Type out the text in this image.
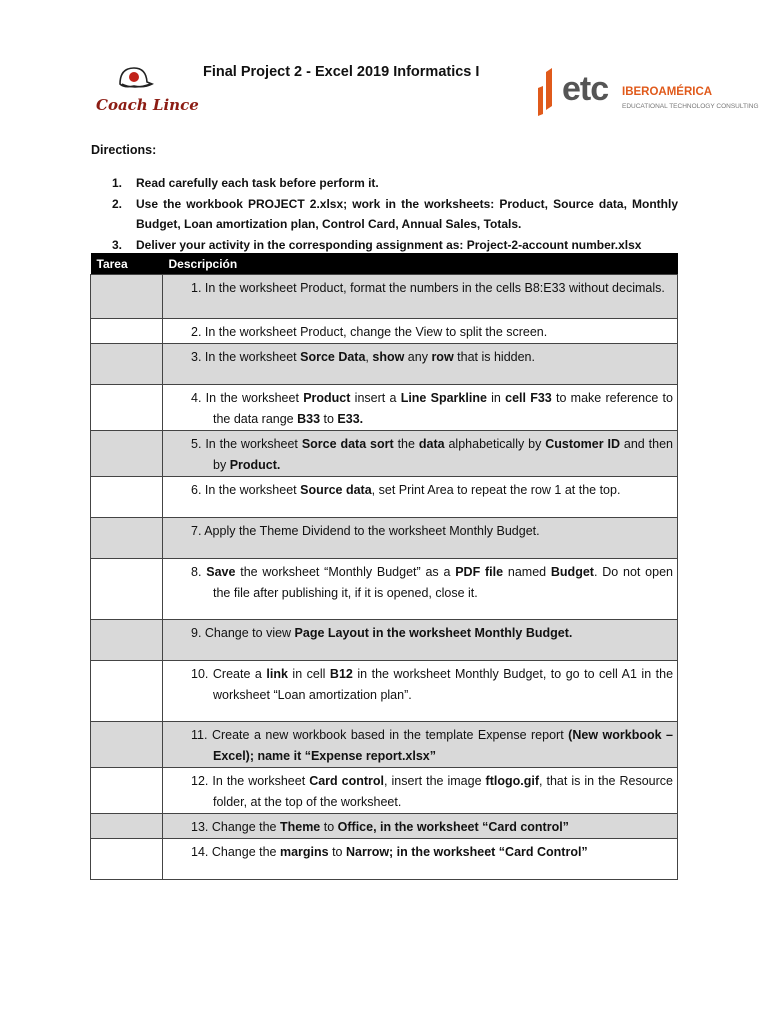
Coach Lince
Final Project 2 - Excel 2019 Informatics I etc IBEROAMÉRICA
EDUCATIONAL TECHNOLOGY CONSULTING
Directions:
1.	Read carefully each task before perform it.
2.	Use the workbook PROJECT 2.xlsx; work in the worksheets: Product, Source data, Monthly Budget, Loan amortization plan, Control Card, Annual Sales, Totals.
3.	Deliver your activity in the corresponding assignment as: Project-2-account number.xlsx
Tarea	Descripción

	1. In the worksheet Product, format the numbers in the cells B8:E33 without decimals.

	2. In the worksheet Product, change the View to split the screen.

	3. In the worksheet Sorce Data, show any row that is hidden.

	4. In the worksheet Product insert a Line Sparkline in cell F33 to make reference to the data range B33 to E33.

	5. In the worksheet Sorce data sort the data alphabetically by Customer ID and then by Product.

	6. In the worksheet Source data, set Print Area to repeat the row 1 at the top.

	7. Apply the Theme Dividend to the worksheet Monthly Budget.

	8. Save the worksheet “Monthly Budget” as a PDF file named Budget. Do not open the file after publishing it, if it is opened, close it.

	9. Change to view Page Layout in the worksheet Monthly Budget.

	10. Create a link in cell B12 in the worksheet Monthly Budget, to go to cell A1 in the worksheet “Loan amortization plan”.

	11. Create a new workbook based in the template Expense report (New workbook – Excel); name it “Expense report.xlsx”

	12. In the worksheet Card control, insert the image ftlogo.gif, that is in the Resource folder, at the top of the worksheet.

	13. Change the Theme to Office, in the worksheet “Card control”

	14. Change the margins to Narrow; in the worksheet “Card Control”
